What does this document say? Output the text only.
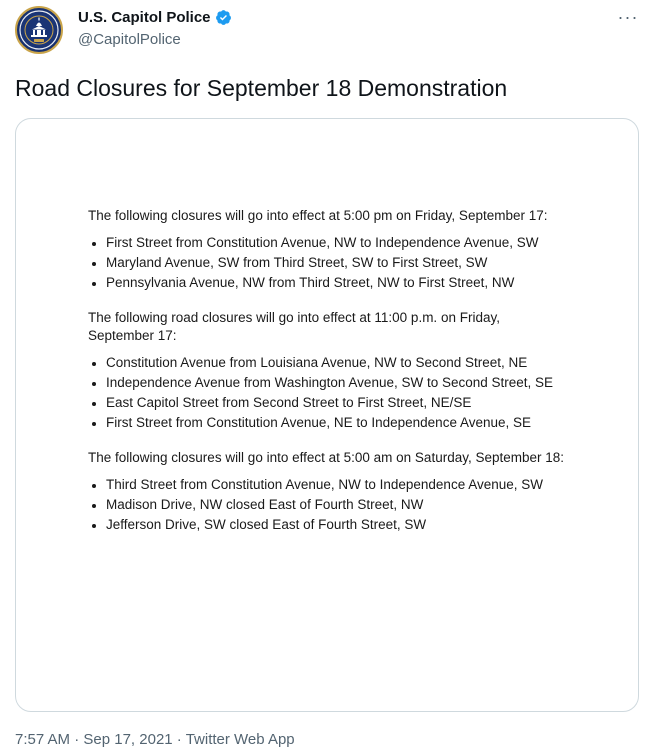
U.S. Capitol Police
@CapitolPolice
···
Road Closures for September 18 Demonstration

The following closures will go into effect at 5:00 pm on Friday, September 17:

• First Street from Constitution Avenue, NW to Independence Avenue, SW
• Maryland Avenue, SW from Third Street, SW to First Street, SW
• Pennsylvania Avenue, NW from Third Street, NW to First Street, NW

The following road closures will go into effect at 11:00 p.m. on Friday, September 17:

• Constitution Avenue from Louisiana Avenue, NW to Second Street, NE
• Independence Avenue from Washington Avenue, SW to Second Street, SE
• East Capitol Street from Second Street to First Street, NE/SE
• First Street from Constitution Avenue, NE to Independence Avenue, SE

The following closures will go into effect at 5:00 am on Saturday, September 18:

• Third Street from Constitution Avenue, NW to Independence Avenue, SW
• Madison Drive, NW closed East of Fourth Street, NW
• Jefferson Drive, SW closed East of Fourth Street, SW
7:57 AM · Sep 17, 2021 · Twitter Web App
